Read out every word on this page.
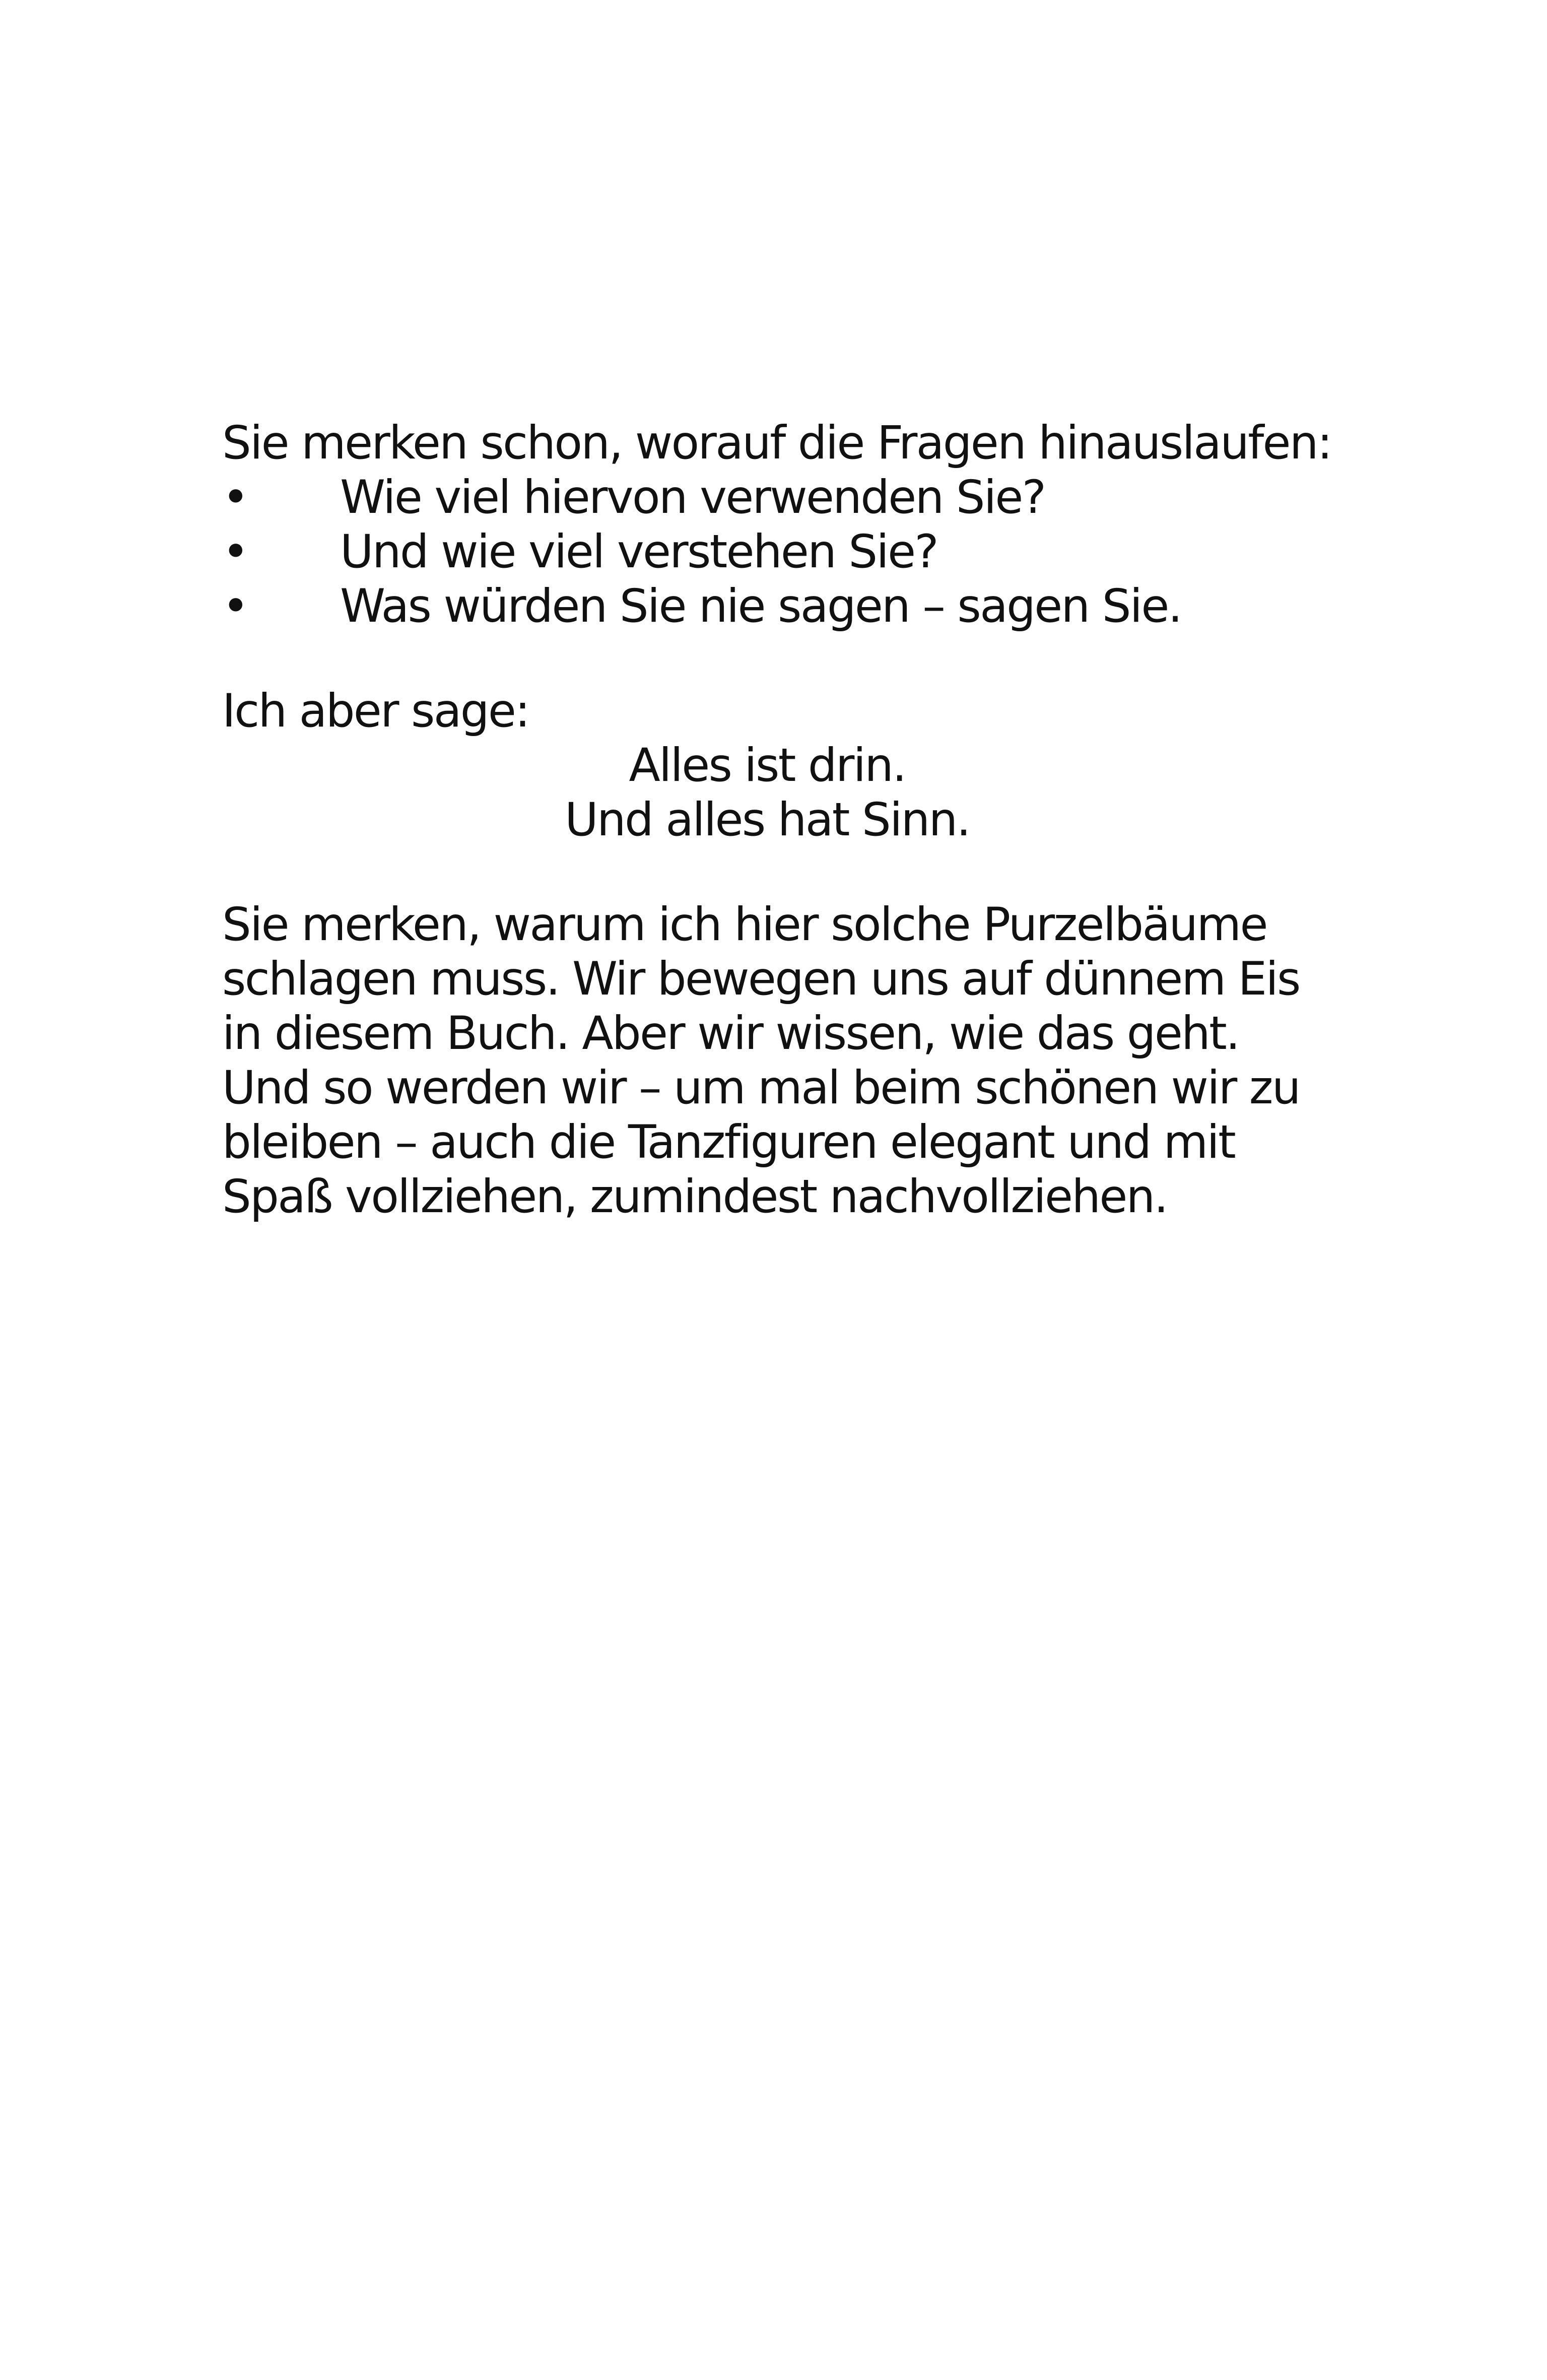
Sie merken schon, worauf die Fragen hinauslaufen:
• Wie viel hiervon verwenden Sie?
• Und wie viel verstehen Sie?
• Was würden Sie nie sagen – sagen Sie.
Ich aber sage:
Alles ist drin.
Und alles hat Sinn.
Sie merken, warum ich hier solche Purzelbäume
schlagen muss. Wir bewegen uns auf dünnem Eis
in diesem Buch. Aber wir wissen, wie das geht.
Und so werden wir – um mal beim schönen wir zu
bleiben – auch die Tanzfiguren elegant und mit
Spaß vollziehen, zumindest nachvollziehen.
